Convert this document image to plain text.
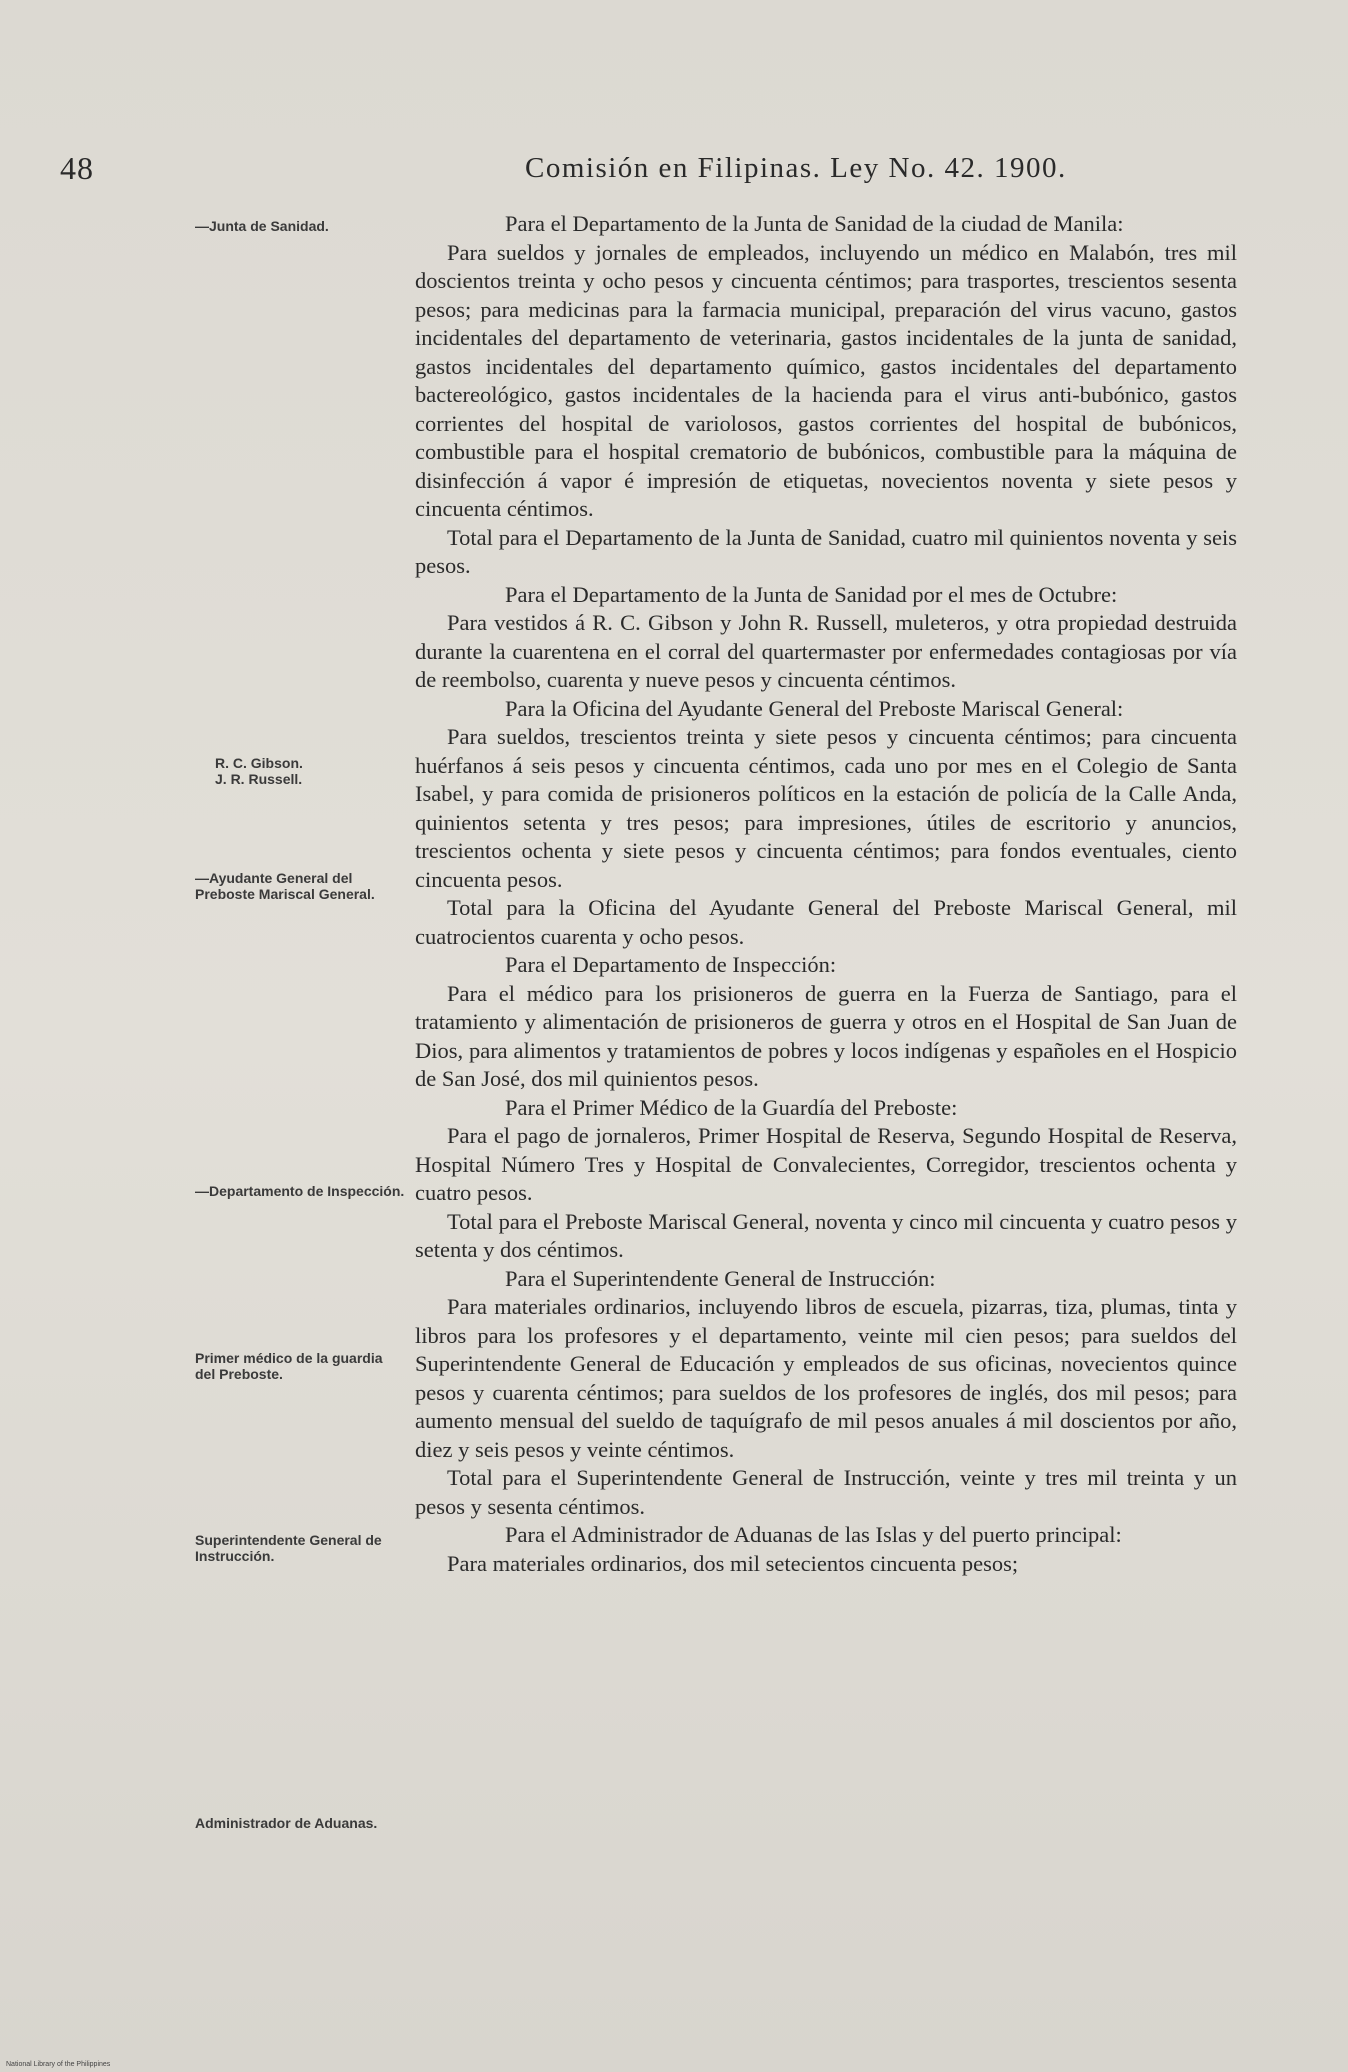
48	Comisión en Filipinas. Ley No. 42. 1900.
—Junta de Sanidad.
R. C. Gibson.
J. R. Russell.
—Ayudante General del Preboste Mariscal General.
—Departamento de Inspección.
Primer médico de la guardia del Preboste.
Superintendente General de Instrucción.
Administrador de Aduanas.

Para el Departamento de la Junta de Sanidad de la ciudad de Manila:

Para sueldos y jornales de empleados, incluyendo un médico en Malabón, tres mil doscientos treinta y ocho pesos y cincuenta céntimos; para trasportes, trescientos sesenta pesos; para medicinas para la farmacia municipal, preparación del virus vacuno, gastos incidentales del departamento de veterinaria, gastos incidentales de la junta de sanidad, gastos incidentales del departamento químico, gastos incidentales del departamento bactereológico, gastos incidentales de la hacienda para el virus anti-bubónico, gastos corrientes del hospital de variolosos, gastos corrientes del hospital de bubónicos, combustible para el hospital crematorio de bubónicos, combustible para la máquina de disinfección á vapor é impresión de etiquetas, novecientos noventa y siete pesos y cincuenta céntimos.

Total para el Departamento de la Junta de Sanidad, cuatro mil quinientos noventa y seis pesos.

Para el Departamento de la Junta de Sanidad por el mes de Octubre:

Para vestidos á R. C. Gibson y John R. Russell, muleteros, y otra propiedad destruida durante la cuarentena en el corral del quartermaster por enfermedades contagiosas por vía de reembolso, cuarenta y nueve pesos y cincuenta céntimos.

Para la Oficina del Ayudante General del Preboste Mariscal General:

Para sueldos, trescientos treinta y siete pesos y cincuenta céntimos; para cincuenta huérfanos á seis pesos y cincuenta céntimos, cada uno por mes en el Colegio de Santa Isabel, y para comida de prisioneros políticos en la estación de policía de la Calle Anda, quinientos setenta y tres pesos; para impresiones, útiles de escritorio y anuncios, trescientos ochenta y siete pesos y cincuenta céntimos; para fondos eventuales, ciento cincuenta pesos.

Total para la Oficina del Ayudante General del Preboste Mariscal General, mil cuatrocientos cuarenta y ocho pesos.

Para el Departamento de Inspección:

Para el médico para los prisioneros de guerra en la Fuerza de Santiago, para el tratamiento y alimentación de prisioneros de guerra y otros en el Hospital de San Juan de Dios, para alimentos y tratamientos de pobres y locos indígenas y españoles en el Hospicio de San José, dos mil quinientos pesos.

Para el Primer Médico de la Guardía del Preboste:

Para el pago de jornaleros, Primer Hospital de Reserva, Segundo Hospital de Reserva, Hospital Número Tres y Hospital de Convalecientes, Corregidor, trescientos ochenta y cuatro pesos.

Total para el Preboste Mariscal General, noventa y cinco mil cincuenta y cuatro pesos y setenta y dos céntimos.

Para el Superintendente General de Instrucción:

Para materiales ordinarios, incluyendo libros de escuela, pizarras, tiza, plumas, tinta y libros para los profesores y el departamento, veinte mil cien pesos; para sueldos del Superintendente General de Educación y empleados de sus oficinas, novecientos quince pesos y cuarenta céntimos; para sueldos de los profesores de inglés, dos mil pesos; para aumento mensual del sueldo de taquígrafo de mil pesos anuales á mil doscientos por año, diez y seis pesos y veinte céntimos.

Total para el Superintendente General de Instrucción, veinte y tres mil treinta y un pesos y sesenta céntimos.

Para el Administrador de Aduanas de las Islas y del puerto principal:

Para materiales ordinarios, dos mil setecientos cincuenta pesos;

National Library of the Philippines
